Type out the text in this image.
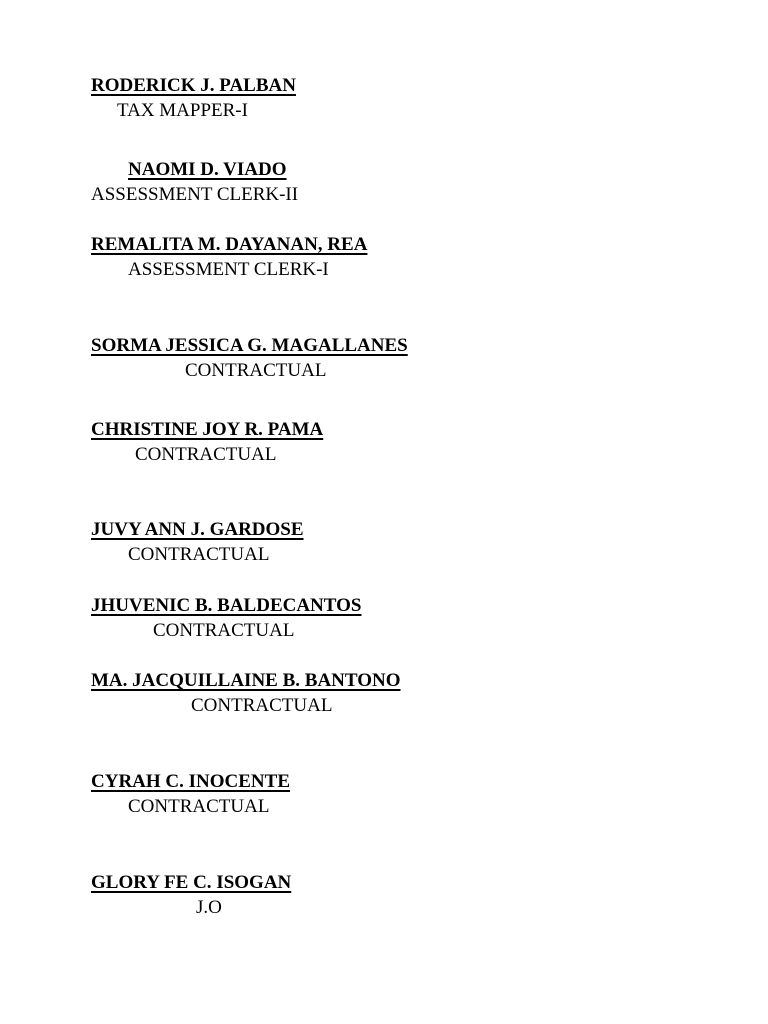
RODERICK J. PALBAN
TAX MAPPER-I
NAOMI D. VIADO
ASSESSMENT CLERK-II
REMALITA M. DAYANAN, REA
ASSESSMENT CLERK-I
SORMA JESSICA G. MAGALLANES
CONTRACTUAL
CHRISTINE JOY R. PAMA
CONTRACTUAL
JUVY ANN J. GARDOSE
CONTRACTUAL
JHUVENIC B. BALDECANTOS
CONTRACTUAL
MA. JACQUILLAINE B. BANTONO
CONTRACTUAL
CYRAH C. INOCENTE
CONTRACTUAL
GLORY FE C. ISOGAN
J.O
